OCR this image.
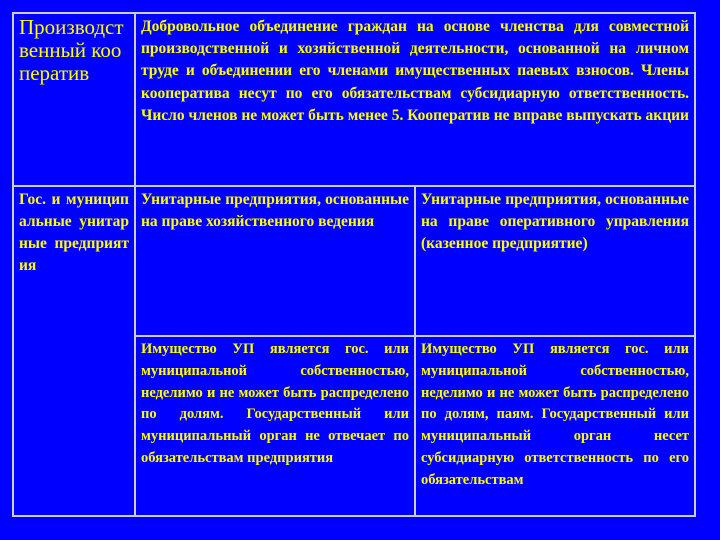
Производственный кооператив	Добровольное объединение граждан на основе членства для совместной производственной и хозяйственной деятельности, основанной на личном труде и объединении его членами имущественных паевых взносов. Члены кооператива несут по его обязательствам субсидиарную ответственность. Число членов не может быть менее 5. Кооператив не вправе выпускать акции	
Гос. и муниципальные унитарные предприятия	Унитарные предприятия, основанные на праве хозяйственного ведения	Унитарные предприятия, основанные на праве оперативного управления (казенное предприятие)
	Имущество УП является гос. или муниципальной собственностью, неделимо и не может быть распределено по долям. Государственный или муниципальный орган не отвечает по обязательствам предприятия	Имущество УП является гос. или муниципальной собственностью, неделимо и не может быть распределено по долям, паям. Государственный или муниципальный орган несет субсидиарную ответственность по его обязательствам
